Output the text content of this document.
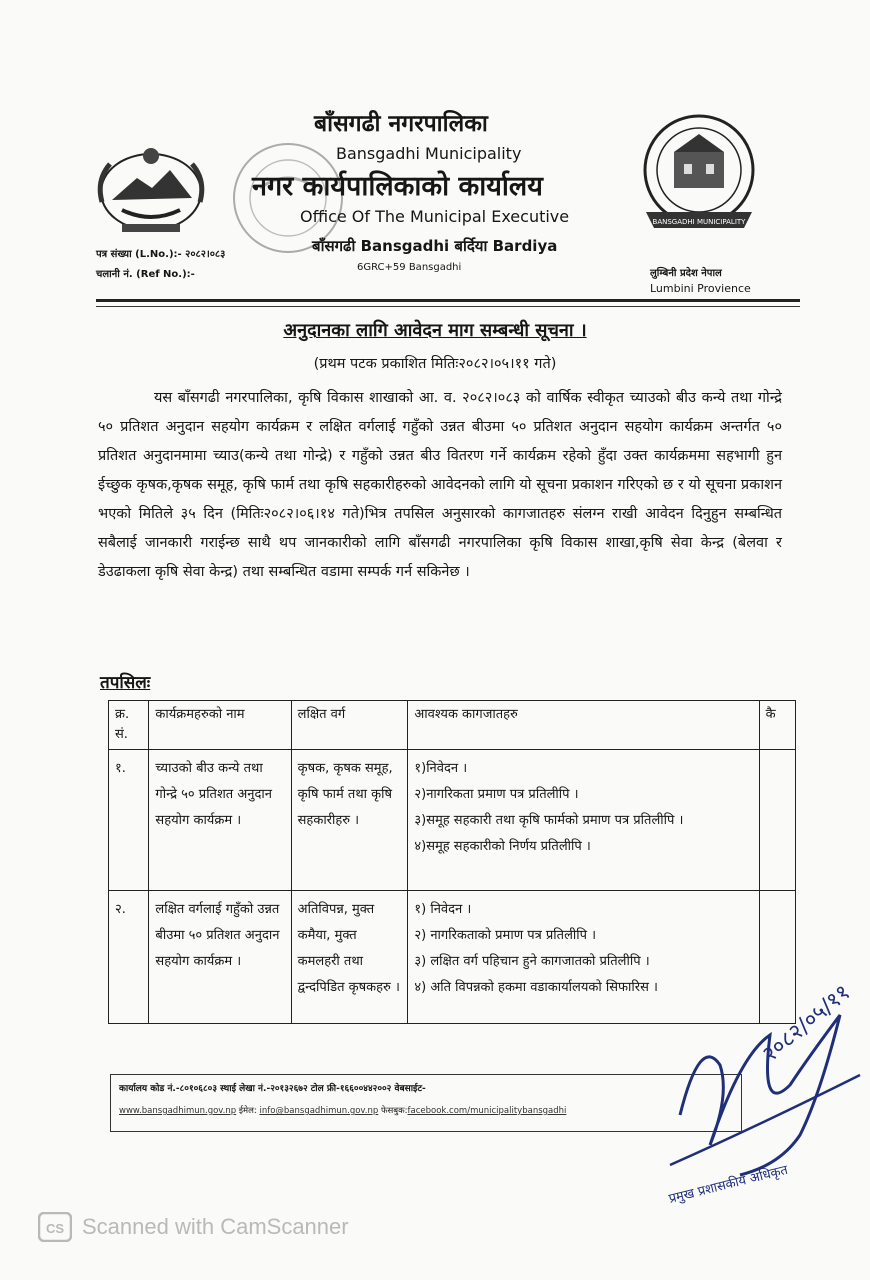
BANSGADHI MUNICIPALITY
बाँसगढी नगरपालिका
Bansgadhi Municipality
नगर कार्यपालिकाको कार्यालय
Office Of The Municipal Executive
बाँसगढी Bansgadhi बर्दिया Bardiya
6GRC+59 Bansgadhi
पत्र संख्या (L.No.):- २०८२।०८३
चलानी नं. (Ref No.):-	लुम्बिनी प्रदेश नेपाल
Lumbini Provience
अनुदानका लागि आवेदन माग सम्बन्धी सूचना ।
(प्रथम पटक प्रकाशित मितिः२०८२।०५।११ गते)

यस बाँसगढी नगरपालिका, कृषि विकास शाखाको आ. व. २०८२।०८३ को वार्षिक स्वीकृत च्याउको बीउ कन्ये तथा गोन्द्रे ५० प्रतिशत अनुदान सहयोग कार्यक्रम र लक्षित वर्गलाई गहुँको उन्नत बीउमा ५० प्रतिशत अनुदान सहयोग कार्यक्रम अन्तर्गत ५० प्रतिशत अनुदानमामा च्याउ(कन्ये तथा गोन्द्रे) र गहुँको उन्नत बीउ वितरण गर्ने कार्यक्रम रहेको हुँदा उक्त कार्यक्रममा सहभागी हुन ईच्छुक कृषक,कृषक समूह, कृषि फार्म तथा कृषि सहकारीहरुको आवेदनको लागि यो सूचना प्रकाशन गरिएको छ र यो सूचना प्रकाशन भएको मितिले ३५ दिन (मितिः२०८२।०६।१४ गते)भित्र तपसिल अनुसारको कागजातहरु संलग्न राखी आवेदन दिनुहुन सम्बन्धित सबैलाई जानकारी गराईन्छ साथै थप जानकारीको लागि बाँसगढी नगरपालिका कृषि विकास शाखा,कृषि सेवा केन्द्र (बेलवा र डेउढाकला कृषि सेवा केन्द्र) तथा सम्बन्धित वडामा सम्पर्क गर्न सकिनेछ ।

तपसिलः
क्र. सं.	कार्यक्रमहरुको नाम	लक्षित वर्ग	आवश्यक कागजातहरु	कै
१.	च्याउको बीउ कन्ये तथा गोन्द्रे ५० प्रतिशत अनुदान सहयोग कार्यक्रम ।	कृषक, कृषक समूह, कृषि फार्म तथा कृषि सहकारीहरु ।	१)निवेदन ।
२)नागरिकता प्रमाण पत्र प्रतिलीपि ।
३)समूह सहकारी तथा कृषि फार्मको प्रमाण पत्र प्रतिलीपि ।
४)समूह सहकारीको निर्णय प्रतिलीपि ।	

२.	लक्षित वर्गलाई गहुँको उन्नत बीउमा ५० प्रतिशत अनुदान सहयोग कार्यक्रम ।	अतिविपन्न, मुक्त कमैया, मुक्त कमलहरी तथा द्वन्दपिडित कृषकहरु ।	१) निवेदन ।
२) नागरिकताको प्रमाण पत्र प्रतिलीपि ।
३) लक्षित वर्ग पहिचान हुने कागजातको प्रतिलीपि ।
४) अति विपन्नको हकमा वडाकार्यालयको सिफारिस ।	

कार्यालय कोड नं.-८०१०६८०३ स्थाई लेखा नं.-२०१३२६७२ टोल फ्री-१६६००४४२००२ वेबसाईट-
www.bansgadhimun.gov.np ईमेल: info@bansgadhimun.gov.np फेसबुक:facebook.com/municipalitybansgadhi
२०८२/०५/११
प्रमुख प्रशासकीय अधिकृत
CS Scanned with CamScanner
